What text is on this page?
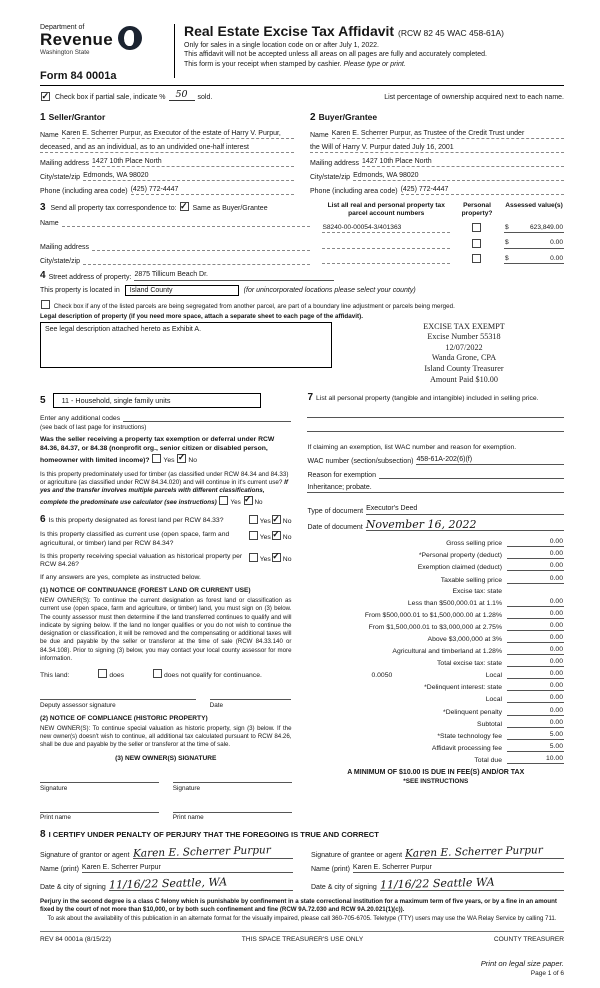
Department of
Revenue
Washington State
Real Estate Excise Tax Affidavit (RCW 82 45 WAC 458-61A)

Only for sales in a single location code on or after July 1, 2022.

This affidavit will not be accepted unless all areas on all pages are fully and accurately completed.

This form is your receipt when stamped by cashier. Please type or print.

Form 84 0001a
✓
Check box if partial sale, indicate %	50	sold.	List percentage of ownership acquired next to each name.
1 Seller/Grantor
Name Karen E. Scherrer Purpur, as Executor of the estate of Harry V. Purpur,
deceased, and as an individual, as to an undivided one-half interest
Mailing address 1427 10th Place North
City/state/zip Edmonds, WA 98020
Phone (including area code) (425) 772-4447
2 Buyer/Grantee
Name Karen E. Scherrer Purpur, as Trustee of the Credit Trust under
the Will of Harry V. Purpur dated July 16, 2001
Mailing address 1427 10th Place North
City/state/zip Edmonds, WA 98020
Phone (including area code) (425) 772-4447
3 Send all property tax correspondence to: ✓ Same as Buyer/Grantee
Name
Mailing address
City/state/zip
List all real and personal property tax parcel account numbers
Personal property?
Assessed value(s)
S8240-00-00054-3/401363	$	623,849.00
$	0.00
$	0.00
4 Street address of property: 2875 Tillicum Beach Dr.
This property is located in Island County	(for unincorporated locations please select your county)
Check box if any of the listed parcels are being segregated from another parcel, are part of a boundary line adjustment or parcels being merged.
Legal description of property (if you need more space, attach a separate sheet to each page of the affidavit).
See legal description attached hereto as Exhibit A.	EXCISE TAX EXEMPT
Excise Number 55318
12/07/2022
Wanda Grone, CPA
Island County Treasurer
Amount Paid $10.00
5	11 - Household, single family units
Enter any additional codes
(see back of last page for instructions)
Was the seller receiving a property tax exemption or deferral under RCW 84.36, 84.37, or 84.38 (nonprofit org., senior citizen or disabled person, homeowner with limited income)? Yes ✓ No
Is this property predominately used for timber (as classified under RCW 84.34 and 84.33) or agriculture (as classified under RCW 84.34.020) and will continue in it's current use? If yes and the transfer involves multiple parcels with different classifications, complete the predominate use calculator (see instructions) Yes ✓ No
6 Is this property designated as forest land per RCW 84.33?	Yes ✓ No
Is this property classified as current use (open space, farm and agricultural, or timber) land per RCW 84.34?
Yes ✓ No
Is this property receiving special valuation as historical property per RCW 84.26?
Yes ✓ No
If any answers are yes, complete as instructed below.
(1) NOTICE OF CONTINUANCE (FOREST LAND OR CURRENT USE)
NEW OWNER(S): To continue the current designation as forest land or classification as current use (open space, farm and agriculture, or timber) land, you must sign on (3) below. The county assessor must then determine if the land transferred continues to qualify and will indicate by signing below. If the land no longer qualifies or you do not wish to continue the designation or classification, it will be removed and the compensating or additional taxes will be due and payable by the seller or transferor at the time of sale (RCW 84.33.140 or 84.34.108). Prior to signing (3) below, you may contact your local county assessor for more information.
This land:	does	does not qualify for continuance.
Deputy assessor signature	Date
(2) NOTICE OF COMPLIANCE (HISTORIC PROPERTY)
NEW OWNER(S): To continue special valuation as historic property, sign (3) below. If the new owner(s) doesn't wish to continue, all additional tax calculated pursuant to RCW 84.26, shall be due and payable by the seller or transferor at the time of sale.
(3) NEW OWNER(S) SIGNATURE
Signature	Signature
Print name	Print name
7 List all personal property (tangible and intangible) included in selling price.
If claiming an exemption, list WAC number and reason for exemption.
WAC number (section/subsection) 458-61A-202(6)(f)
Reason for exemption
Inheritance; probate.
Type of document Executor's Deed
Date of document November 16, 2022
Gross selling price	0.00
*Personal property (deduct)	0.00
Exemption claimed (deduct)	0.00
Taxable selling price	0.00
Excise tax: state
Less than $500,000.01 at 1.1%	0.00
From $500,000.01 to $1,500,000.00 at 1.28%	0.00
From $1,500,000.01 to $3,000,000 at 2.75%	0.00
Above $3,000,000 at 3%	0.00
Agricultural and timberland at 1.28%	0.00
Total excise tax: state	0.00
0.0050	Local	0.00
*Delinquent interest: state	0.00
Local	0.00
*Delinquent penalty	0.00
Subtotal	0.00
*State technology fee	5.00
Affidavit processing fee	5.00
Total due	10.00
A MINIMUM OF $10.00 IS DUE IN FEE(S) AND/OR TAX
*SEE INSTRUCTIONS
8 I CERTIFY UNDER PENALTY OF PERJURY THAT THE FOREGOING IS TRUE AND CORRECT
Signature of grantor or agent Karen E. Scherrer Purpur
Name (print) Karen E. Scherrer Purpur
Date & city of signing 11/16/22 Seattle, WA
Signature of grantee or agent Karen E. Scherrer Purpur
Name (print) Karen E. Scherrer Purpur
Date & city of signing 11/16/22 Seattle WA
Perjury in the second degree is a class C felony which is punishable by confinement in a state correctional institution for a maximum term of five years, or by a fine in an amount fixed by the court of not more than $10,000, or by both such confinement and fine (RCW 9A.72.030 and RCW 9A.20.021(1)(c)).
To ask about the availability of this publication in an alternate format for the visually impaired, please call 360-705-6705. Teletype (TTY) users may use the WA Relay Service by calling 711.
REV 84 0001a (8/15/22)	THIS SPACE TREASURER'S USE ONLY	COUNTY TREASURER
Print on legal size paper.
Page 1 of 6
